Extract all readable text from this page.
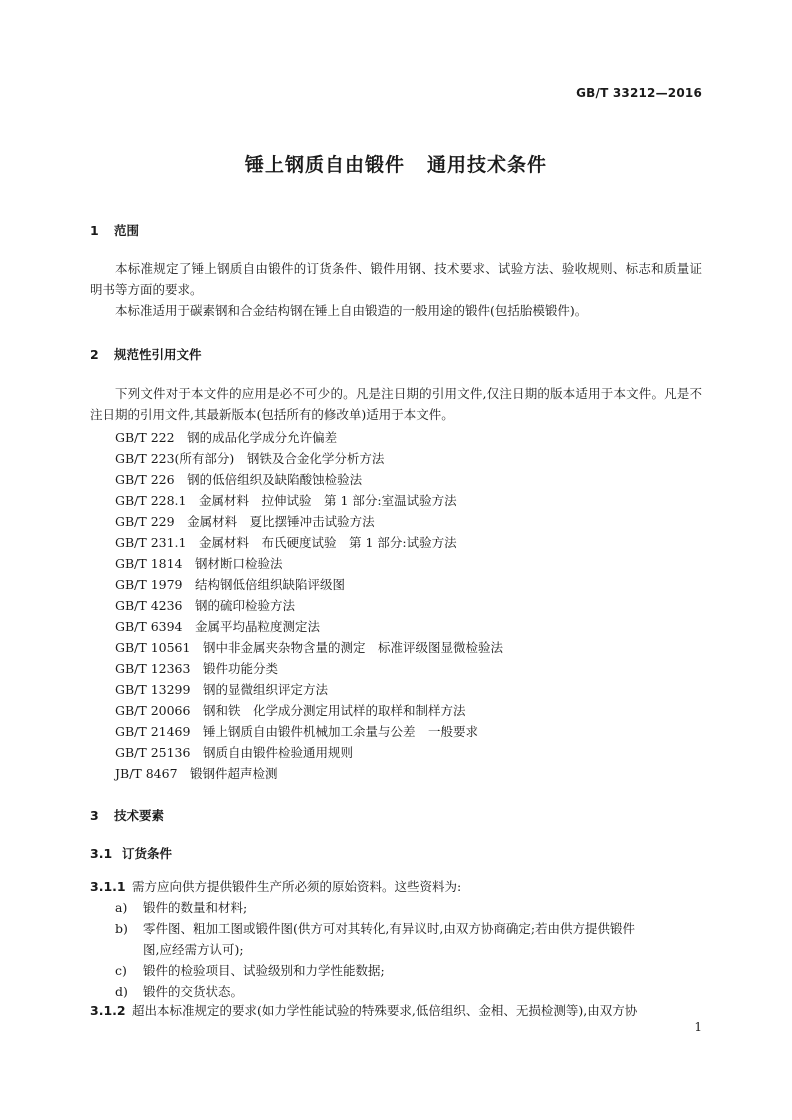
GB/T 33212—2016
锤上钢质自由锻件 通用技术条件
1 范围
本标准规定了锤上钢质自由锻件的订货条件、锻件用钢、技术要求、试验方法、验收规则、标志和质量证明书等方面的要求。
本标准适用于碳素钢和合金结构钢在锤上自由锻造的一般用途的锻件(包括胎模锻件)。
2 规范性引用文件
下列文件对于本文件的应用是必不可少的。凡是注日期的引用文件,仅注日期的版本适用于本文件。凡是不注日期的引用文件,其最新版本(包括所有的修改单)适用于本文件。
GB/T 222　 钢的成品化学成分允许偏差
GB/T 223(所有部分)　 钢铁及合金化学分析方法
GB/T 226　 钢的低倍组织及缺陷酸蚀检验法
GB/T 228.1　 金属材料　拉伸试验　第 1 部分:室温试验方法
GB/T 229　 金属材料　夏比摆锤冲击试验方法
GB/T 231.1　 金属材料　布氏硬度试验　第 1 部分:试验方法
GB/T 1814　 钢材断口检验法
GB/T 1979　 结构钢低倍组织缺陷评级图
GB/T 4236　 钢的硫印检验方法
GB/T 6394　 金属平均晶粒度测定法
GB/T 10561　 钢中非金属夹杂物含量的测定　标准评级图显微检验法
GB/T 12363　 锻件功能分类
GB/T 13299　 钢的显微组织评定方法
GB/T 20066　 钢和铁　化学成分测定用试样的取样和制样方法
GB/T 21469　 锤上钢质自由锻件机械加工余量与公差　一般要求
GB/T 25136　 钢质自由锻件检验通用规则
JB/T 8467　 锻钢件超声检测
3 技术要素
3.1 订货条件
3.1.1 需方应向供方提供锻件生产所必须的原始资料。这些资料为:
a) 锻件的数量和材料;
b) 零件图、粗加工图或锻件图(供方可对其转化,有异议时,由双方协商确定;若由供方提供锻件
图,应经需方认可);
c) 锻件的检验项目、试验级别和力学性能数据;
d) 锻件的交货状态。
3.1.2 超出本标准规定的要求(如力学性能试验的特殊要求,低倍组织、金相、无损检测等),由双方协
1
